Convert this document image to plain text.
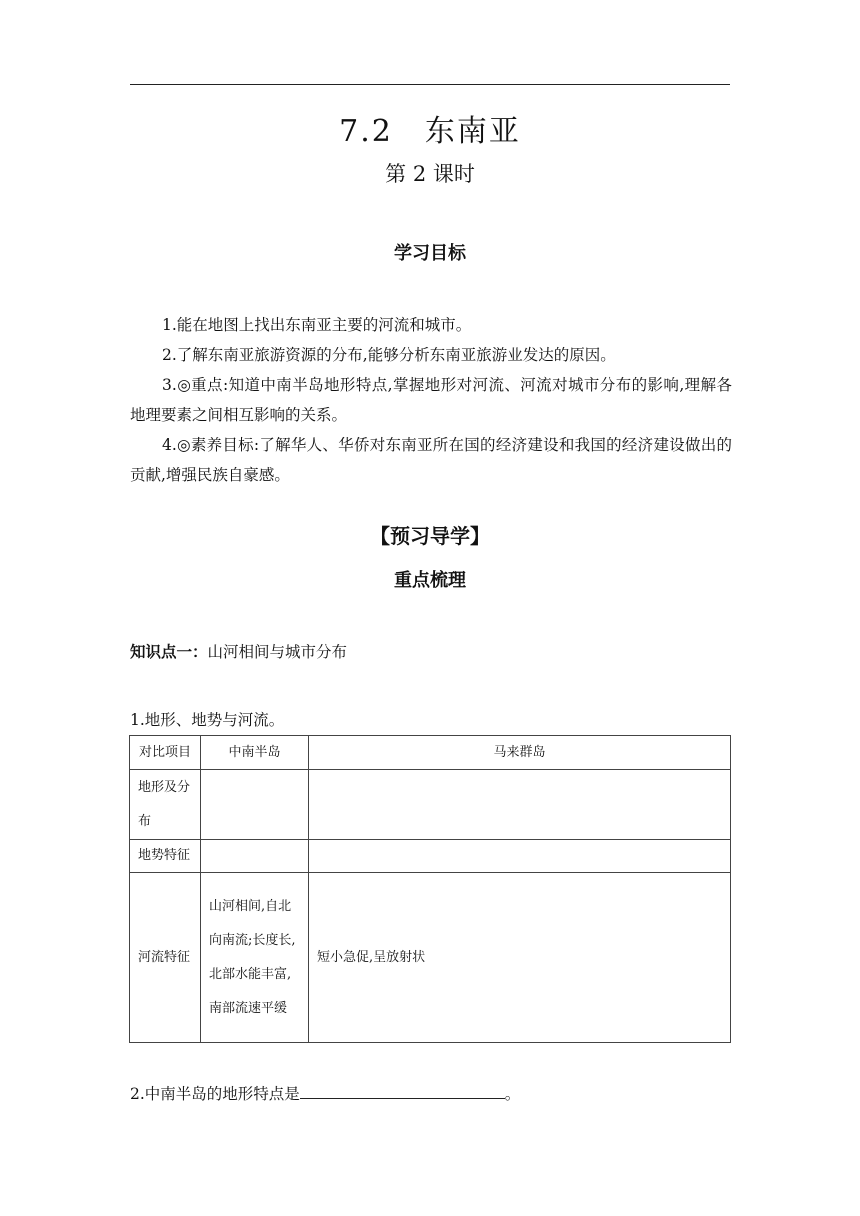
7.2　东南亚
第 2 课时
学习目标

1.能在地图上找出东南亚主要的河流和城市。

2.了解东南亚旅游资源的分布,能够分析东南亚旅游业发达的原因。

3.◎重点:知道中南半岛地形特点,掌握地形对河流、河流对城市分布的影响,理解各地理要素之间相互影响的关系。

4.◎素养目标:了解华人、华侨对东南亚所在国的经济建设和我国的经济建设做出的贡献,增强民族自豪感。

【预习导学】
重点梳理
知识点一：山河相间与城市分布
1.地形、地势与河流。
对比项目	中南半岛	马来群岛
地形及分布		
地势特征		
河流特征	山河相间,自北向南流;长度长,北部水能丰富,南部流速平缓	短小急促,呈放射状
2.中南半岛的地形特点是	。
